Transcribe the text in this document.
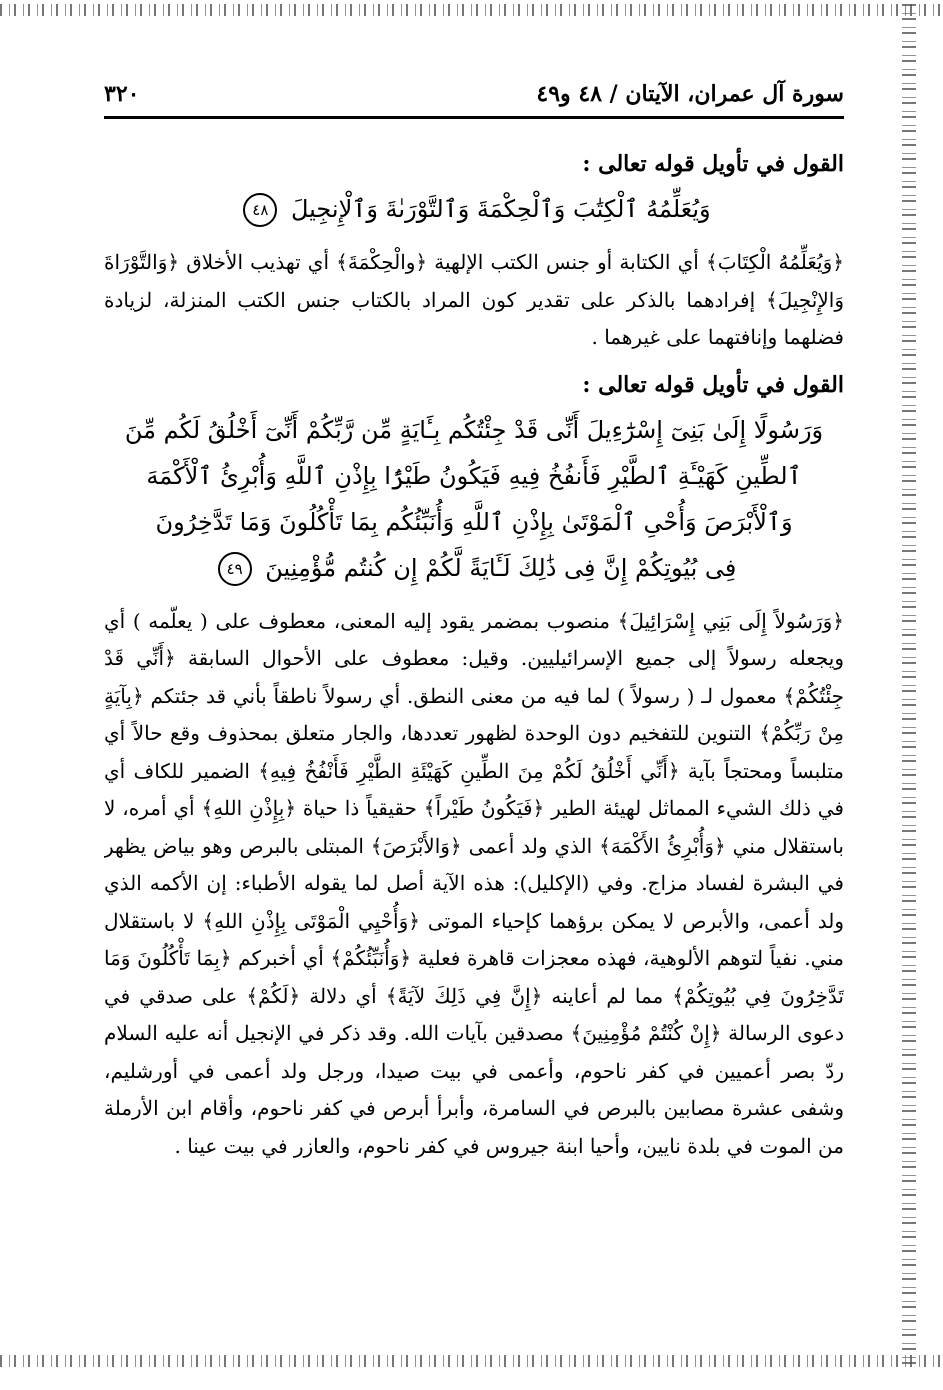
سورة آل عمران، الآيتان / ٤٨ و٤٩
٣٢٠
القول في تأويل قوله تعالى :
وَيُعَلِّمُهُ ٱلْكِتَٰبَ وَٱلْحِكْمَةَ وَٱلتَّوْرَىٰةَ وَٱلْإِنجِيلَ ٤٨

﴿وَيُعَلِّمُهُ الْكِتَابَ﴾ أي الكتابة أو جنس الكتب الإلهية ﴿والْحِكْمَةَ﴾ أي تهذيب الأخلاق ﴿وَالتَّوْرَاةَ وَالإِنْجِيلَ﴾ إفرادهما بالذكر على تقدير كون المراد بالكتاب جنس الكتب المنزلة، لزيادة فضلهما وإنافتهما على غيرهما .

القول في تأويل قوله تعالى :
وَرَسُولًا إِلَىٰ بَنِىٓ إِسْرَٰٓءِيلَ أَنِّى قَدْ جِئْتُكُم بِـَٔايَةٍ مِّن رَّبِّكُمْ أَنِّىٓ أَخْلُقُ لَكُم مِّنَ
ٱلطِّينِ كَهَيْـَٔةِ ٱلطَّيْرِ فَأَنفُخُ فِيهِ فَيَكُونُ طَيْرًۢا بِإِذْنِ ٱللَّهِ وَأُبْرِئُ ٱلْأَكْمَهَ
وَٱلْأَبْرَصَ وَأُحْىِ ٱلْمَوْتَىٰ بِإِذْنِ ٱللَّهِ وَأُنَبِّئُكُم بِمَا تَأْكُلُونَ وَمَا تَدَّخِرُونَ
فِى بُيُوتِكُمْ إِنَّ فِى ذَٰلِكَ لَـَٔايَةً لَّكُمْ إِن كُنتُم مُّؤْمِنِينَ ٤٩

﴿وَرَسُولاً إِلَى بَنِي إِسْرَائِيلَ﴾ منصوب بمضمر يقود إليه المعنى، معطوف على ( يعلّمه ) أي ويجعله رسولاً إلى جميع الإسرائيليين. وقيل: معطوف على الأحوال السابقة ﴿أَنِّي قَدْ جِئْتُكُمْ﴾ معمول لـ ( رسولاً ) لما فيه من معنى النطق. أي رسولاً ناطقاً بأني قد جئتكم ﴿بِآيَةٍ مِنْ رَبِّكُمْ﴾ التنوين للتفخيم دون الوحدة لظهور تعددها، والجار متعلق بمحذوف وقع حالاً أي متلبساً ومحتجاً بآية ﴿أَنِّي أَخْلُقُ لَكُمْ مِنَ الطِّينِ كَهَيْئَةِ الطَّيْرِ فَأَنْفُخُ فِيهِ﴾ الضمير للكاف أي في ذلك الشيء المماثل لهيئة الطير ﴿فَيَكُونُ طَيْراً﴾ حقيقياً ذا حياة ﴿بِإِذْنِ اللهِ﴾ أي أمره، لا باستقلال مني ﴿وَأُبْرِئُ الأَكْمَهَ﴾ الذي ولد أعمى ﴿وَالأَبْرَصَ﴾ المبتلى بالبرص وهو بياض يظهر في البشرة لفساد مزاج. وفي (الإكليل): هذه الآية أصل لما يقوله الأطباء: إن الأكمه الذي ولد أعمى، والأبرص لا يمكن برؤهما كإحياء الموتى ﴿وَأُحْيِي الْمَوْتَى بِإِذْنِ اللهِ﴾ لا باستقلال مني. نفياً لتوهم الألوهية، فهذه معجزات قاهرة فعلية ﴿وَأُنَبِّئُكُمْ﴾ أي أخبركم ﴿بِمَا تَأْكُلُونَ وَمَا تَدَّخِرُونَ فِي بُيُوتِكُمْ﴾ مما لم أعاينه ﴿إِنَّ فِي ذَلِكَ لآيَةً﴾ أي دلالة ﴿لَكُمْ﴾ على صدقي في دعوى الرسالة ﴿إِنْ كُنْتُمْ مُؤْمِنِينَ﴾ مصدقين بآيات الله. وقد ذكر في الإنجيل أنه عليه السلام ردّ بصر أعميين في كفر ناحوم، وأعمى في بيت صيدا، ورجل ولد أعمى في أورشليم، وشفى عشرة مصابين بالبرص في السامرة، وأبرأ أبرص في كفر ناحوم، وأقام ابن الأرملة من الموت في بلدة نايين، وأحيا ابنة جيروس في كفر ناحوم، والعازر في بيت عينا .
